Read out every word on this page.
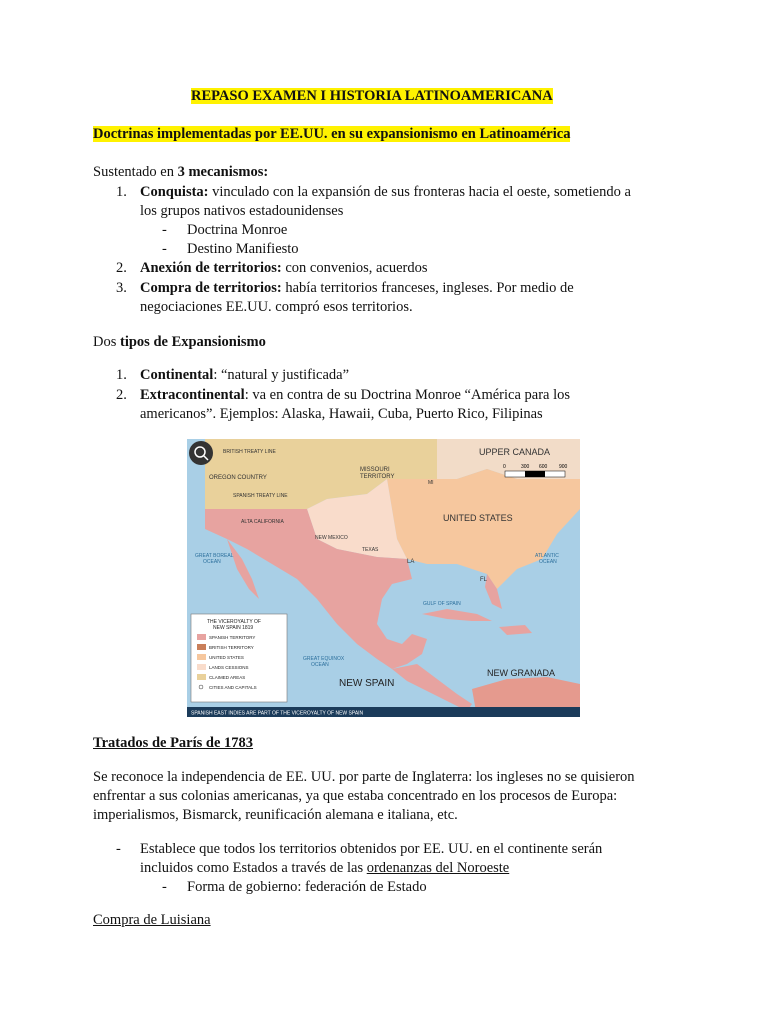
REPASO EXAMEN I HISTORIA LATINOAMERICANA
Doctrinas implementadas por EE.UU. en su expansionismo en Latinoamérica
Sustentado en 3 mecanismos:
1. Conquista: vinculado con la expansión de sus fronteras hacia el oeste, sometiendo a
los grupos nativos estadounidenses
- Doctrina Monroe
- Destino Manifiesto
2. Anexión de territorios: con convenios, acuerdos
3. Compra de territorios: había territorios franceses, ingleses. Por medio de
negociaciones EE.UU. compró esos territorios.
Dos tipos de Expansionismo
1. Continental: “natural y justificada”
2. Extracontinental: va en contra de su Doctrina Monroe “América para los
americanos”. Ejemplos: Alaska, Hawaii, Cuba, Puerto Rico, Filipinas
0	300 600 900
UPPER CANADA
BRITISH TREATY LINE
OREGON COUNTRY
MISSOURI
TERRITORY
MI
UNITED STATES
SPANISH TREATY LINE
ALTA CALIFORNIA
NEW MEXICO
TEXAS
LA
FL
GREAT BOREAL
OCEAN
ATLANTIC
OCEAN
GULF OF SPAIN
GREAT EQUINOX
OCEAN
NEW SPAIN
NEW GRANADA
THE VICEROYALTY OF
NEW SPAIN 1819
SPANISH TERRITORY
BRITISH TERRITORY
UNITED STATES
LANDS CESSIONS
CLAIMED AREAS
CITIES AND CAPITALS
SPANISH EAST INDIES ARE PART OF THE VICEROYALTY OF NEW SPAIN
Tratados de París de 1783
Se reconoce la independencia de EE. UU. por parte de Inglaterra: los ingleses no se quisieron
enfrentar a sus colonias americanas, ya que estaba concentrado en los procesos de Europa:
imperialismos, Bismarck, reunificación alemana e italiana, etc.
- Establece que todos los territorios obtenidos por EE. UU. en el continente serán
incluidos como Estados a través de las ordenanzas del Noroeste
- Forma de gobierno: federación de Estado
Compra de Luisiana
